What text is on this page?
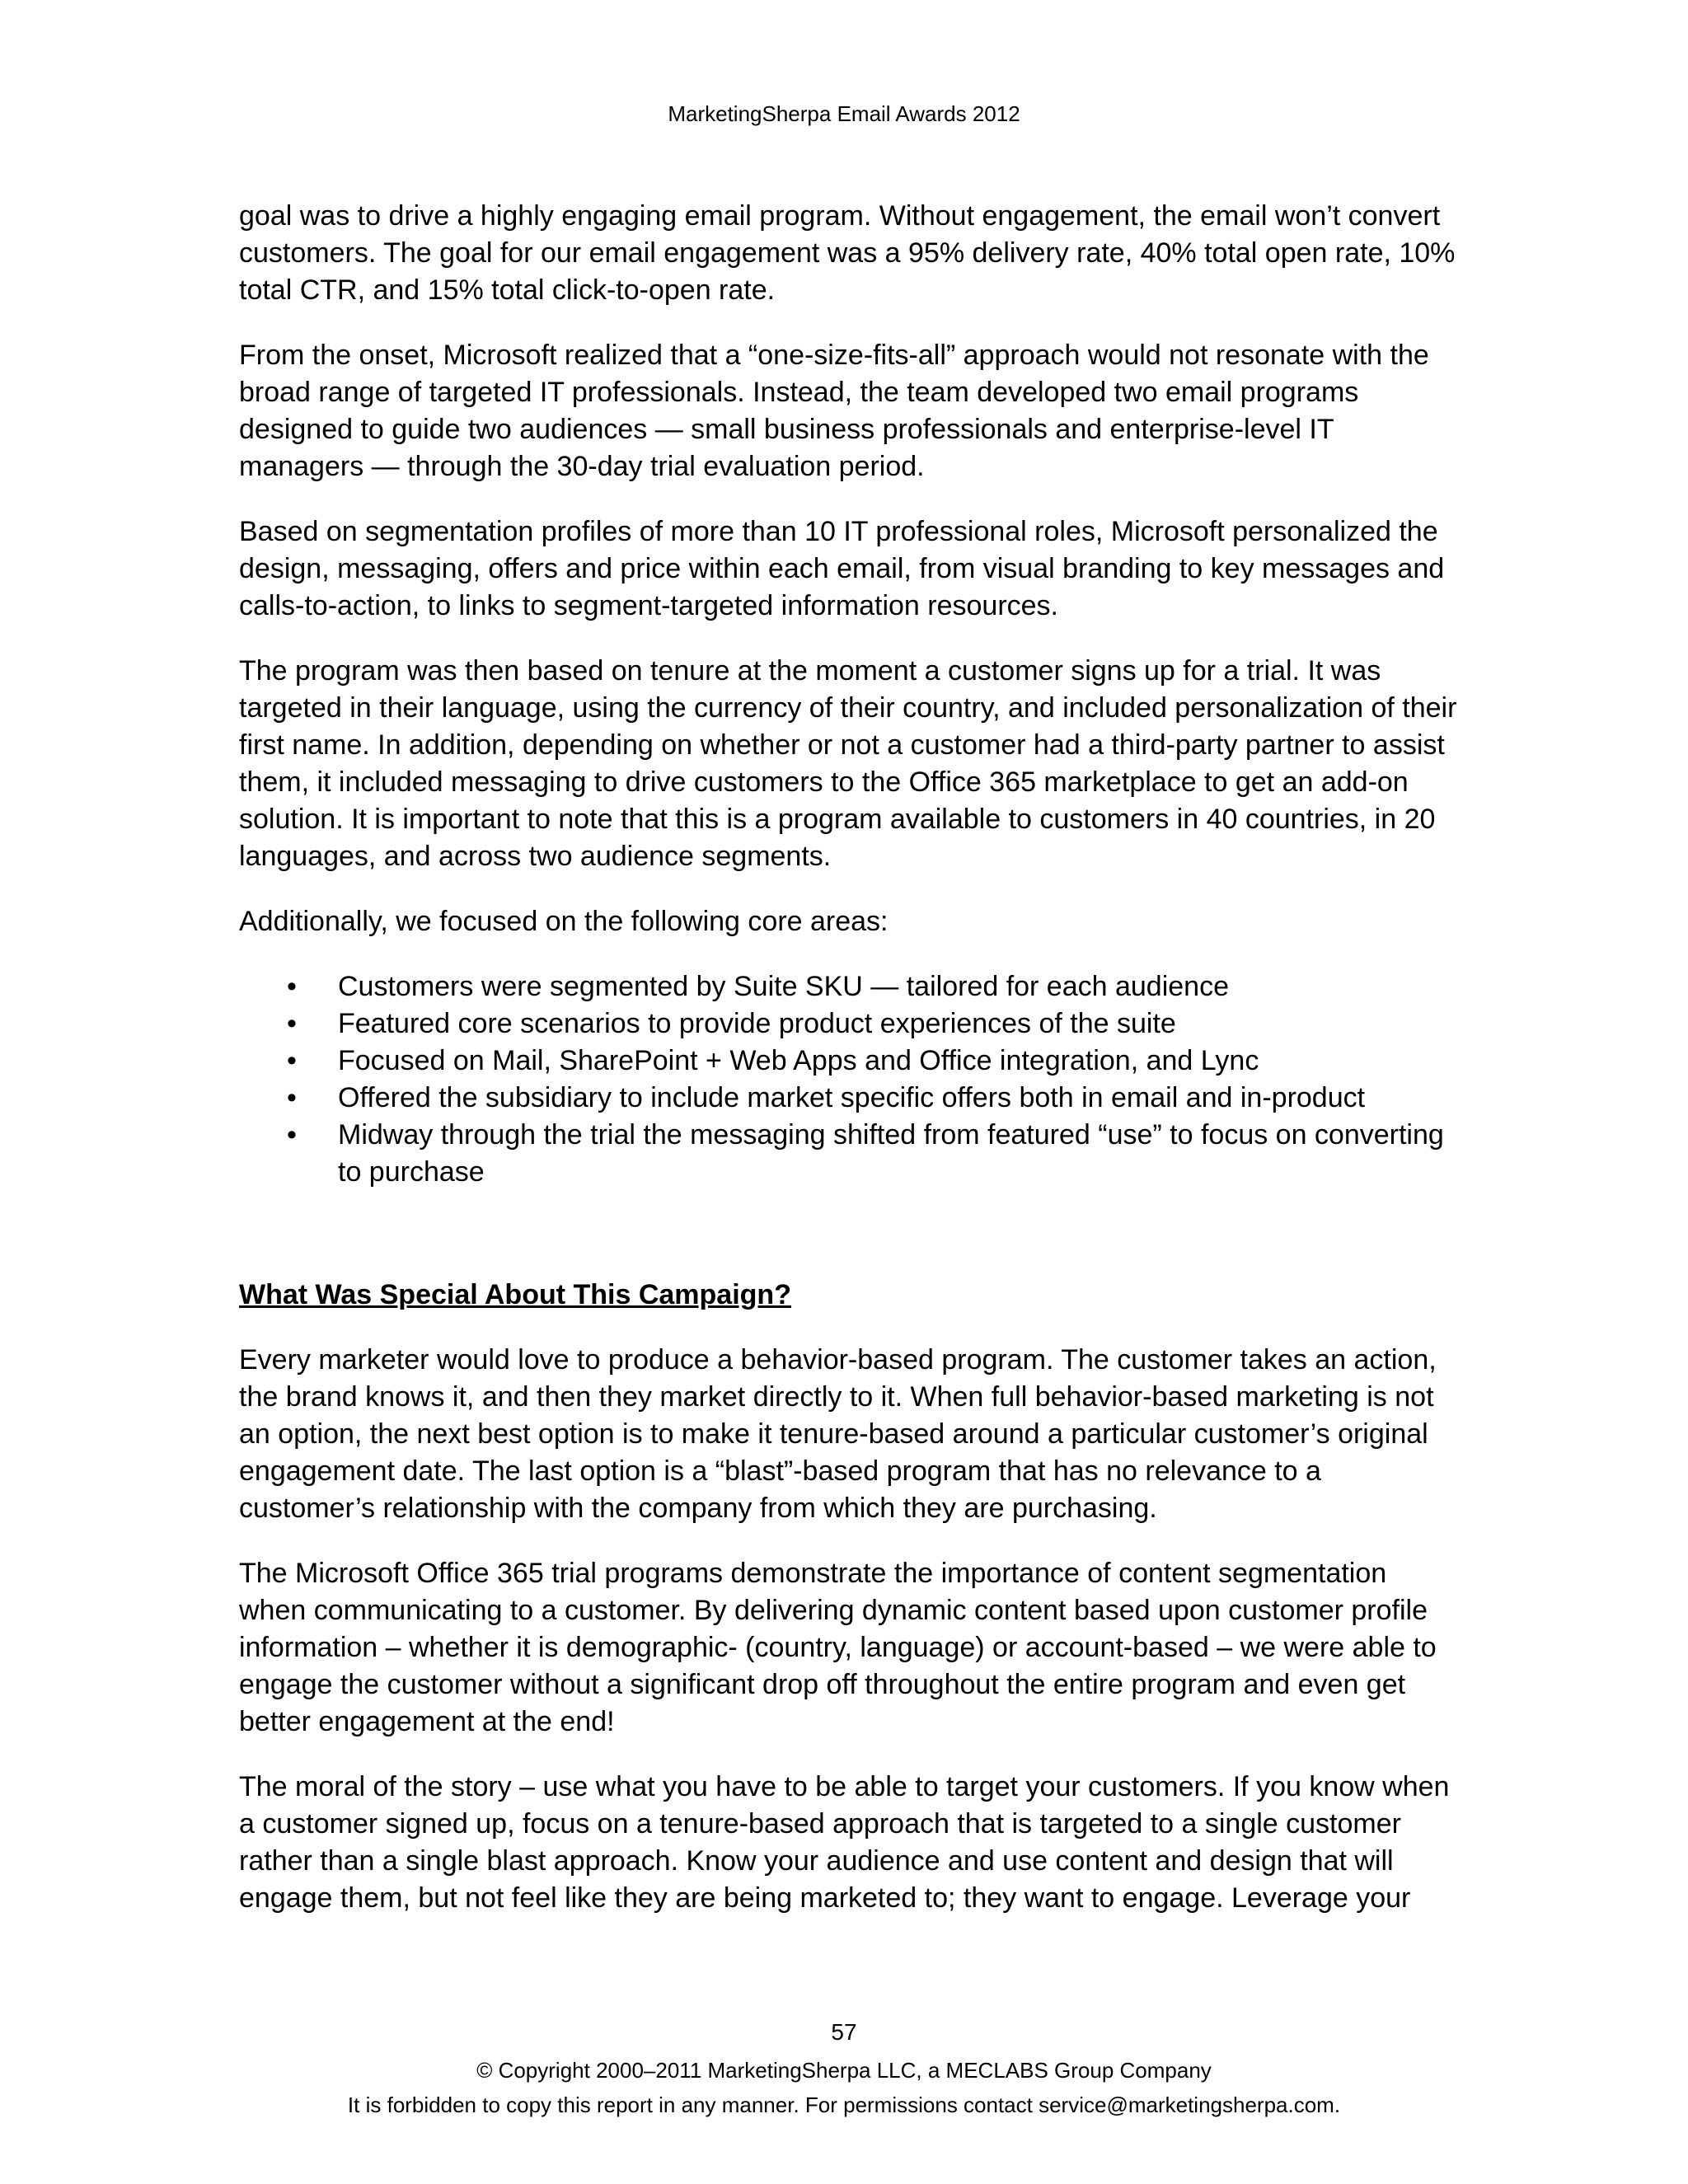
MarketingSherpa Email Awards 2012

goal was to drive a highly engaging email program. Without engagement, the email won’t convert customers. The goal for our email engagement was a 95% delivery rate, 40% total open rate, 10% total CTR, and 15% total click-to-open rate.

From the onset, Microsoft realized that a “one-size-fits-all” approach would not resonate with the broad range of targeted IT professionals. Instead, the team developed two email programs designed to guide two audiences — small business professionals and enterprise-level IT managers — through the 30-day trial evaluation period.

Based on segmentation profiles of more than 10 IT professional roles, Microsoft personalized the design, messaging, offers and price within each email, from visual branding to key messages and calls-to-action, to links to segment-targeted information resources.

The program was then based on tenure at the moment a customer signs up for a trial. It was targeted in their language, using the currency of their country, and included personalization of their first name. In addition, depending on whether or not a customer had a third-party partner to assist them, it included messaging to drive customers to the Office 365 marketplace to get an add-on solution. It is important to note that this is a program available to customers in 40 countries, in 20 languages, and across two audience segments.

Additionally, we focused on the following core areas:

• Customers were segmented by Suite SKU — tailored for each audience
• Featured core scenarios to provide product experiences of the suite
• Focused on Mail, SharePoint + Web Apps and Office integration, and Lync
• Offered the subsidiary to include market specific offers both in email and in-product
• Midway through the trial the messaging shifted from featured “use” to focus on converting to purchase
What Was Special About This Campaign?

Every marketer would love to produce a behavior-based program. The customer takes an action, the brand knows it, and then they market directly to it. When full behavior-based marketing is not an option, the next best option is to make it tenure-based around a particular customer’s original engagement date. The last option is a “blast”-based program that has no relevance to a customer’s relationship with the company from which they are purchasing.

The Microsoft Office 365 trial programs demonstrate the importance of content segmentation when communicating to a customer. By delivering dynamic content based upon customer profile information – whether it is demographic- (country, language) or account-based – we were able to engage the customer without a significant drop off throughout the entire program and even get better engagement at the end!

The moral of the story – use what you have to be able to target your customers. If you know when a customer signed up, focus on a tenure-based approach that is targeted to a single customer rather than a single blast approach. Know your audience and use content and design that will engage them, but not feel like they are being marketed to; they want to engage. Leverage your

57
© Copyright 2000–2011 MarketingSherpa LLC, a MECLABS Group Company
It is forbidden to copy this report in any manner. For permissions contact service@marketingsherpa.com.
